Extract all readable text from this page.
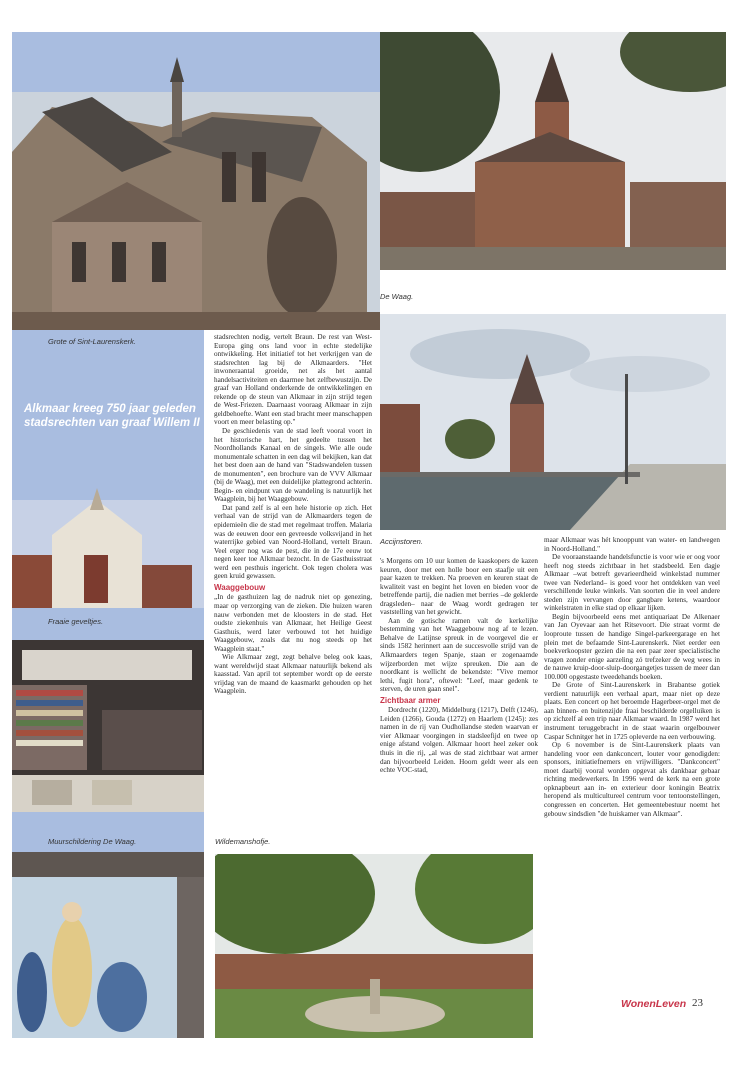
De Waag.
Grote of Sint-Laurenskerk.
Alkmaar kreeg 750 jaar geleden stadsrechten van graaf Willem II
Fraaie geveltjes.
Muurschildering De Waag.
Accijnstoren.
Wildemanshofje.

stadsrechten nodig, vertelt Braun. De rest van West-Europa ging ons land voor in echte stedelijke ontwikkeling. Het initiatief tot het verkrijgen van de stadsrechten lag bij de Alkmaarders. "Het inwoneraantal groeide, net als het aantal handelsactiviteiten en daarmee het zelfbewustzijn. De graaf van Holland onderkende de ontwikkelingen en rekende op de steun van Alkmaar in zijn strijd tegen de West-Friezen. Daarnaast vooraag Alkmaar in zijn geldbehoefte. Want een stad bracht meer manschappen voort en meer belasting op."

De geschiedenis van de stad leeft vooral voort in het historische hart, het gedeelte tussen het Noordhollands Kanaal en de singels. Wie alle oude monumentale schatten in een dag wil bekijken, kan dat het best doen aan de hand van "Stadswandelen tussen de monumenten", een brochure van de VVV Alkmaar (bij de Waag), met een duidelijke plattegrond achterin. Begin- en eindpunt van de wandeling is natuurlijk het Waagplein, bij het Waaggebouw.

Dat pand zelf is al een hele historie op zich. Het verhaal van de strijd van de Alkmaarders tegen de epidemieën die de stad met regelmaat troffen. Malaria was de eeuwen door een gevreesde volksvijand in het waterrijke gebied van Noord-Holland, vertelt Braun. Veel erger nog was de pest, die in de 17e eeuw tot negen keer toe Alkmaar bezocht. In de Gasthuisstraat werd een pesthuis ingericht. Ook tegen cholera was geen kruid gewassen.

Waaggebouw

„In de gasthuizen lag de nadruk niet op genezing, maar op verzorging van de zieken. Die huizen waren nauw verbonden met de kloosters in de stad. Het oudste ziekenhuis van Alkmaar, het Heilige Geest Gasthuis, werd later verbouwd tot het huidige Waaggebouw, zoals dat nu nog steeds op het Waagplein staat."

Wie Alkmaar zegt, zegt behalve beleg ook kaas, want wereldwijd staat Alkmaar natuurlijk bekend als kaasstad. Van april tot september wordt op de eerste vrijdag van de maand de kaasmarkt gehouden op het Waagplein.

's Morgens om 10 uur komen de kaaskopers de kazen keuren, door met een holle boor een staafje uit een paar kazen te trekken. Na proeven en keuren staat de kwaliteit vast en begint het loven en bieden voor de betreffende partij, die nadien met berries –de geklerde dragsleden– naar de Waag wordt gedragen ter vaststelling van het gewicht.

Aan de gotische ramen valt de kerkelijke bestemming van het Waaggebouw nog af te lezen. Behalve de Latijnse spreuk in de voorgevel die er sinds 1582 herinnert aan de succesvolle strijd van de Alkmaarders tegen Spanje, staan er zogenaamde wijzerborden met wijze spreuken. Die aan de noordkant is wellicht de bekendste: "Vive memor lethi, fugit hora", oftewel: "Leef, maar gedenk te sterven, de uren gaan snel".

Zichtbaar armer

Dordrecht (1220), Middelburg (1217), Delft (1246), Leiden (1266), Gouda (1272) en Haarlem (1245): zes namen in de rij van Oudhollandse steden waarvan er vier Alkmaar voorgingen in stadsleefijd en twee op enige afstand volgen. Alkmaar hoort heel zeker ook thuis in die rij, „al was de stad zichtbaar wat armer dan bijvoorbeeld Leiden. Hoorn geldt weer als een echte VOC-stad,

maar Alkmaar was hét knooppunt van water- en landwegen in Noord-Holland."

De vooraanstaande handelsfunctie is voor wie er oog voor heeft nog steeds zichtbaar in het stadsbeeld. Een dagje Alkmaar –wat betreft gevarieerdheid winkelstad nummer twee van Nederland– is goed voor het ontdekken van veel verschillende leuke winkels. Van soorten die in veel andere steden zijn vervangen door gangbare ketens, waardoor winkelstraten in elke stad op elkaar lijken.

Begin bijvoorbeeld eens met antiquariaat De Alkenaer van Jan Oyevaar aan het Ritsevoort. Die straat vormt de looproute tussen de handige Singel-parkeergarage en het plein met de befaamde Sint-Laurenskerk. Niet eerder een boekverkoopster gezien die na een paar zeer specialistische vragen zonder enige aarzeling zó trefzeker de weg wees in de nauwe kruip-door-sluip-doorgangetjes tussen de meer dan 100.000 opgestaste tweedehands boeken.

De Grote of Sint-Laurenskerk in Brabantse gotiek verdient natuurlijk een verhaal apart, maar niet op deze plaats. Een concert op het beroemde Hagerbeer-orgel met de aan binnen- en buitenzijde fraai beschilderde orgelluiken is op zichzelf al een trip naar Alkmaar waard. In 1987 werd het instrument teruggebracht in de staat waarin orgelbouwer Caspar Schnitger het in 1725 opleverde na een verbouwing.

Op 6 november is de Sint-Laurenskerk plaats van handeling voor een dankconcert, louter voor genodigden: sponsors, initiatiefnemers en vrijwilligers. "Dankconcert" moet daarbij vooral worden opgevat als dankbaar gebaar richting medewerkers. In 1996 werd de kerk na een grote opknapbeurt aan in- en exterieur door koningin Beatrix heropend als multicultureel centrum voor tentoonstellingen, congressen en concerten. Het gemeentebestuur noemt het gebouw sindsdien "de huiskamer van Alkmaar".

WonenLeven 23
